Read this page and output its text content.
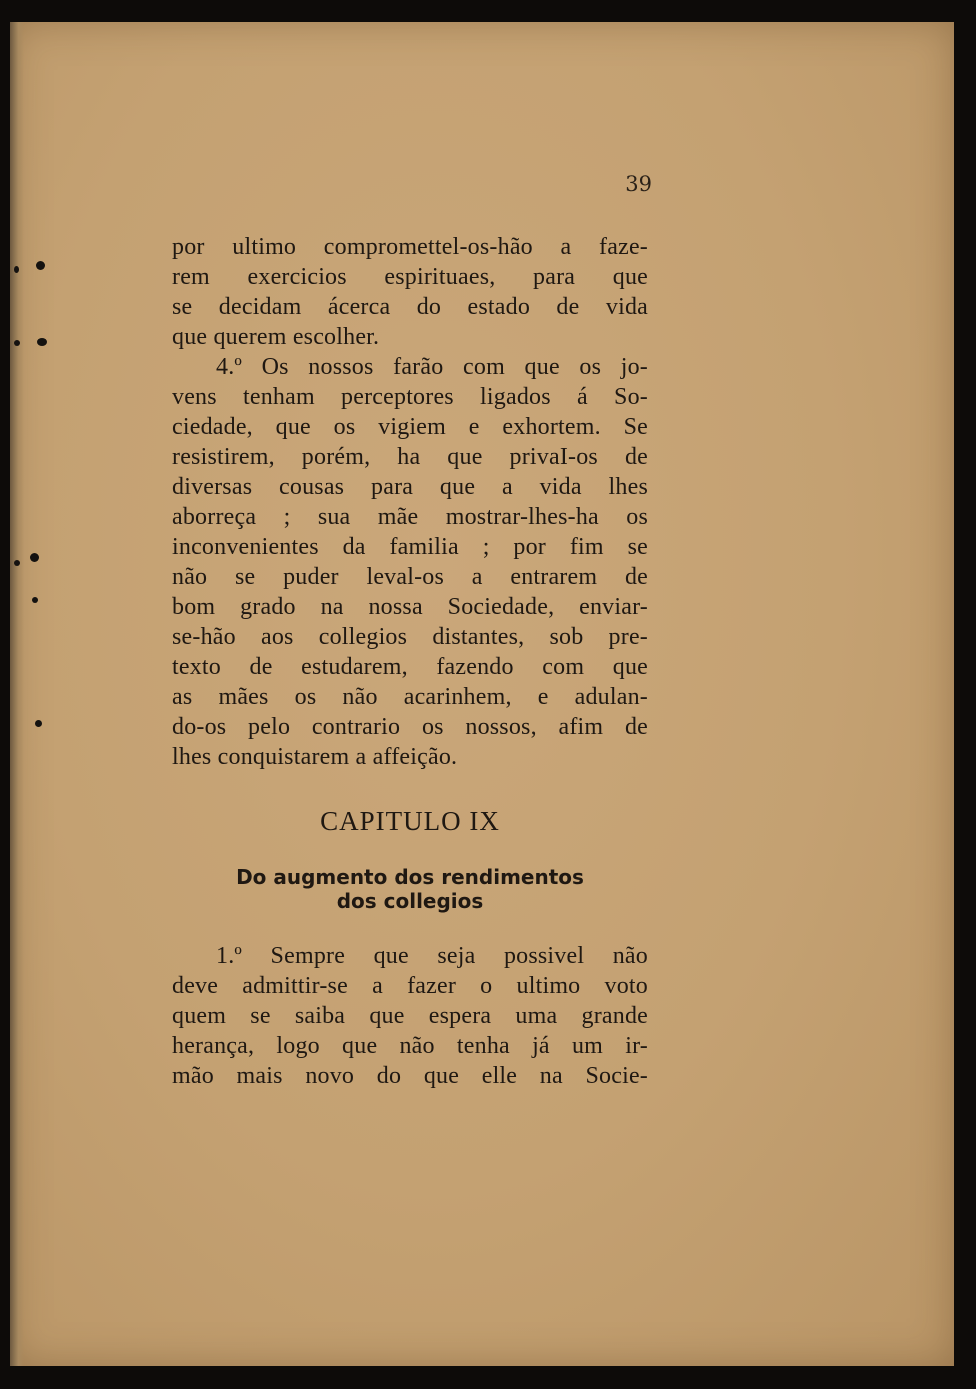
39
por ultimo compromettel-os-hão a faze-
rem exercicios espirituaes, para que
se decidam ácerca do estado de vida
que querem escolher.
4.º Os nossos farão com que os jo-
vens tenham perceptores ligados á So-
ciedade, que os vigiem e exhortem. Se
resistirem, porém, ha que privaI-os de
diversas cousas para que a vida lhes
aborreça ; sua mãe mostrar-lhes-ha os
inconvenientes da familia ; por fim se
não se puder leval-os a entrarem de
bom grado na nossa Sociedade, enviar-
se-hão aos collegios distantes, sob pre-
texto de estudarem, fazendo com que
as mães os não acarinhem, e adulan-
do-os pelo contrario os nossos, afim de
lhes conquistarem a affeição.
CAPITULO IX
Do augmento dos rendimentos
dos collegios
1.º Sempre que seja possivel não
deve admittir-se a fazer o ultimo voto
quem se saiba que espera uma grande
herança, logo que não tenha já um ir-
mão mais novo do que elle na Socie-
